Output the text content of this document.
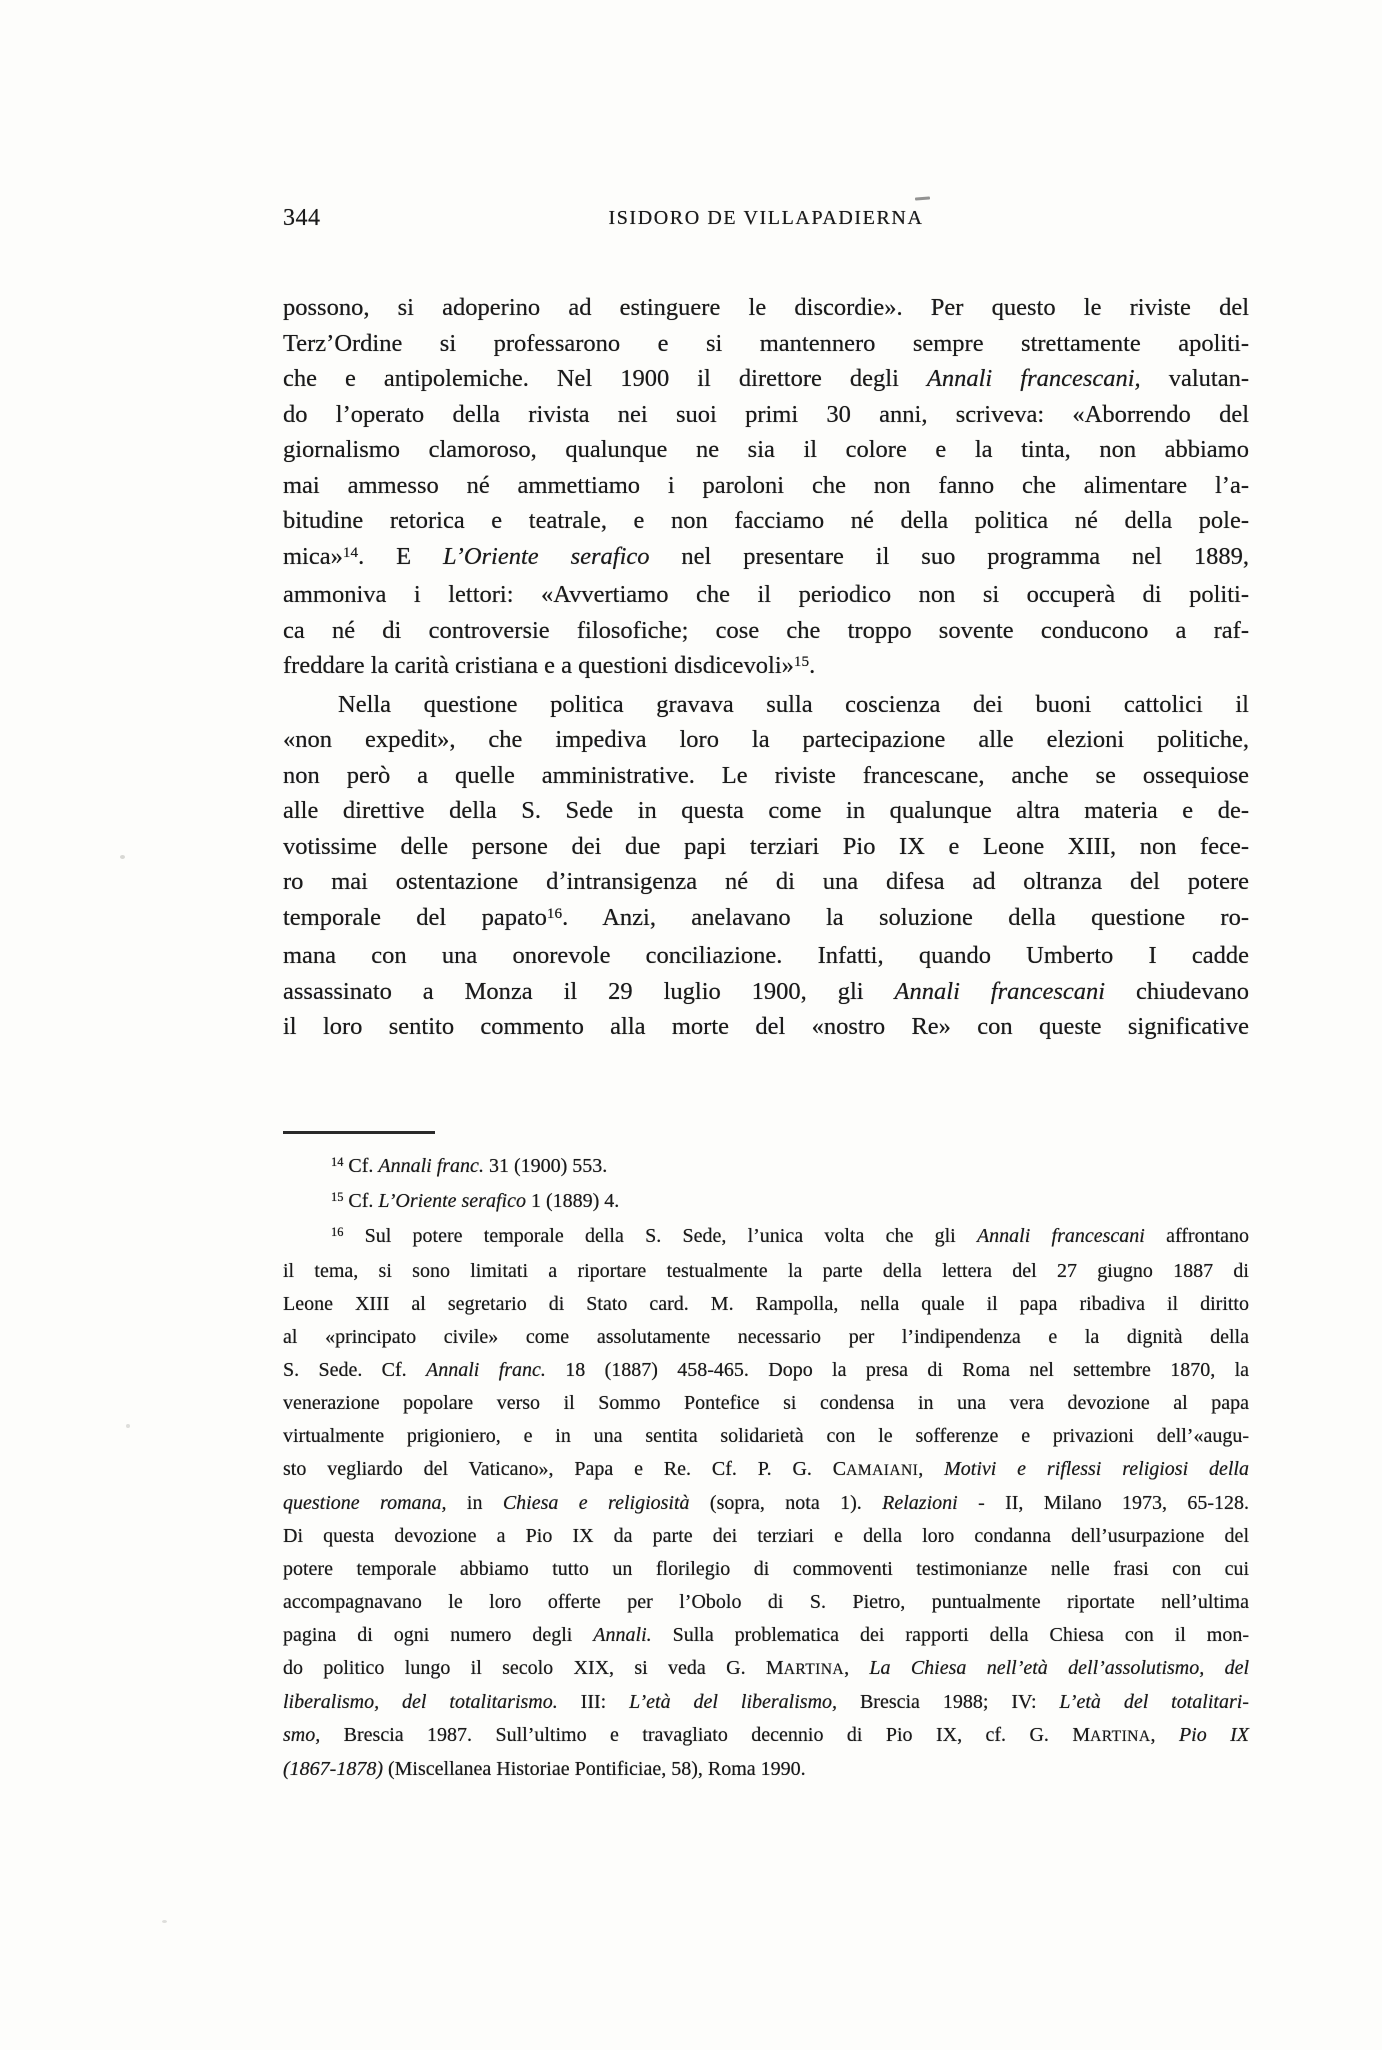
344	ISIDORO DE VILLAPADIERNA
possono, si adoperino ad estinguere le discordie». Per questo le riviste del
Terz’Ordine si professarono e si mantennero sempre strettamente apoliti-
che e antipolemiche. Nel 1900 il direttore degli Annali francescani, valutan-
do l’operato della rivista nei suoi primi 30 anni, scriveva: «Aborrendo del
giornalismo clamoroso, qualunque ne sia il colore e la tinta, non abbiamo
mai ammesso né ammettiamo i paroloni che non fanno che alimentare l’a-
bitudine retorica e teatrale, e non facciamo né della politica né della pole-
mica»$^{14}$. E L’Oriente serafico nel presentare il suo programma nel 1889,
ammoniva i lettori: «Avvertiamo che il periodico non si occuperà di politi-
ca né di controversie filosofiche; cose che troppo sovente conducono a raf-
freddare la carità cristiana e a questioni disdicevoli»$^{15}$.
Nella questione politica gravava sulla coscienza dei buoni cattolici il
«non expedit», che impediva loro la partecipazione alle elezioni politiche,
non però a quelle amministrative. Le riviste francescane, anche se ossequiose
alle direttive della S. Sede in questa come in qualunque altra materia e de-
votissime delle persone dei due papi terziari Pio IX e Leone XIII, non fece-
ro mai ostentazione d’intransigenza né di una difesa ad oltranza del potere
temporale del papato$^{16}$. Anzi, anelavano la soluzione della questione ro-
mana con una onorevole conciliazione. Infatti, quando Umberto I cadde
assassinato a Monza il 29 luglio 1900, gli Annali francescani chiudevano
il loro sentito commento alla morte del «nostro Re» con queste significative
$^{14}$ Cf. Annali franc. 31 (1900) 553.
$^{15}$ Cf. L’Oriente serafico 1 (1889) 4.
$^{16}$ Sul potere temporale della S. Sede, l’unica volta che gli Annali francescani affrontano
il tema, si sono limitati a riportare testualmente la parte della lettera del 27 giugno 1887 di
Leone XIII al segretario di Stato card. M. Rampolla, nella quale il papa ribadiva il diritto
al «principato civile» come assolutamente necessario per l’indipendenza e la dignità della
S. Sede. Cf. Annali franc. 18 (1887) 458-465. Dopo la presa di Roma nel settembre 1870, la
venerazione popolare verso il Sommo Pontefice si condensa in una vera devozione al papa
virtualmente prigioniero, e in una sentita solidarietà con le sofferenze e privazioni dell’«augu-
sto vegliardo del Vaticano», Papa e Re. Cf. P. G. CAMAIANI, Motivi e riflessi religiosi della
questione romana, in Chiesa e religiosità (sopra, nota 1). Relazioni - II, Milano 1973, 65-128.
Di questa devozione a Pio IX da parte dei terziari e della loro condanna dell’usurpazione del
potere temporale abbiamo tutto un florilegio di commoventi testimonianze nelle frasi con cui
accompagnavano le loro offerte per l’Obolo di S. Pietro, puntualmente riportate nell’ultima
pagina di ogni numero degli Annali. Sulla problematica dei rapporti della Chiesa con il mon-
do politico lungo il secolo XIX, si veda G. MARTINA, La Chiesa nell’età dell’assolutismo, del
liberalismo, del totalitarismo. III: L’età del liberalismo, Brescia 1988; IV: L’età del totalitari-
smo, Brescia 1987. Sull’ultimo e travagliato decennio di Pio IX, cf. G. MARTINA, Pio IX
(1867-1878) (Miscellanea Historiae Pontificiae, 58), Roma 1990.
